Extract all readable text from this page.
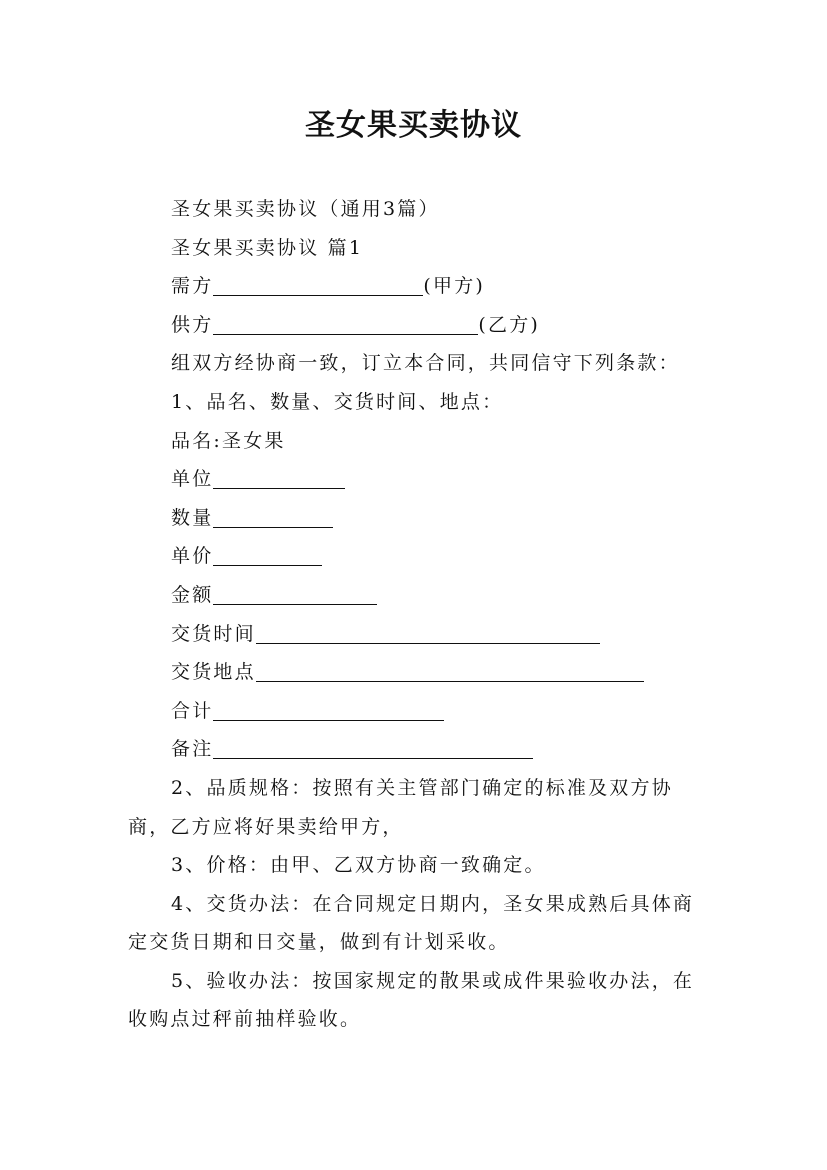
圣女果买卖协议
圣女果买卖协议（通用3篇）
圣女果买卖协议 篇1
需方	(甲方)
供方	(乙方)
组双方经协商一致，订立本合同，共同信守下列条款：
1、品名、数量、交货时间、地点：
品名:圣女果
单位
数量
单价
金额
交货时间
交货地点
合计
备注
2、品质规格：按照有关主管部门确定的标准及双方协商，乙方应将好果卖给甲方，
3、价格：由甲、乙双方协商一致确定。
4、交货办法：在合同规定日期内，圣女果成熟后具体商定交货日期和日交量，做到有计划采收。
5、验收办法：按国家规定的散果或成件果验收办法，在收购点过秤前抽样验收。
